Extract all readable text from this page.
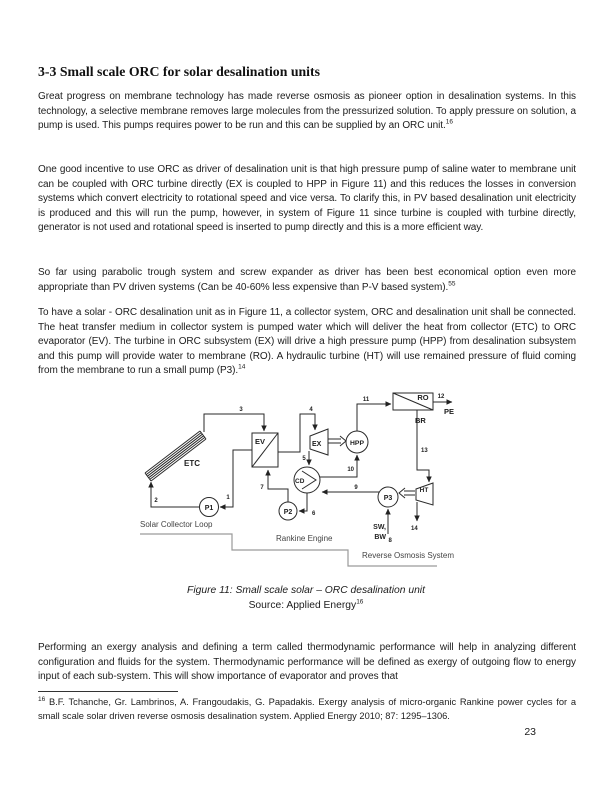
3-3 Small scale ORC for solar desalination units

Great progress on membrane technology has made reverse osmosis as pioneer option in desalination systems. In this technology, a selective membrane removes large molecules from the pressurized solution. To apply pressure on solution, a pump is used. This pumps requires power to be run and this can be supplied by an ORC unit.$^{16}$

One good incentive to use ORC as driver of desalination unit is that high pressure pump of saline water to membrane unit can be coupled with ORC turbine directly (EX is coupled to HPP in Figure 11) and this reduces the losses in conversion systems which convert electricity to rotational speed and vice versa. To clarify this, in PV based desalination unit electricity is produced and this will run the pump, however, in system of Figure 11 since turbine is coupled with turbine directly, generator is not used and rotational speed is inserted to pump directly and this is a more efficient way.

So far using parabolic trough system and screw expander as driver has been best economical option even more appropriate than PV driven systems (Can be 40-60% less expensive than P-V based system).$^{55}$

To have a solar - ORC desalination unit as in Figure 11, a collector system, ORC and desalination unit shall be connected. The heat transfer medium in collector system is pumped water which will deliver the heat from collector (ETC) to ORC evaporator (EV). The turbine in ORC subsystem (EX) will drive a high pressure pump (HPP) from desalination subsystem and this pump will provide water to membrane (RO). A hydraulic turbine (HT) will use remained pressure of fluid coming from the membrane to run a small pump (P3).$^{14}$

ETC
3
1
2
P1
EV
4
EX
5
CD
6
P2
7
HPP
10
11	RO 12
PE
BR
13
HT
14
P3
9
SW,
BW 8
Solar Collector Loop
Rankine Engine
Reverse Osmosis System
Figure 11: Small scale solar – ORC desalination unit
Source: Applied Energy$^{16}$

Performing an exergy analysis and defining a term called thermodynamic performance will help in analyzing different configuration and fluids for the system. Thermodynamic performance will be defined as exergy of outgoing flow to energy input of each sub-system. This will show importance of evaporator and proves that

$^{16}$ B.F. Tchanche, Gr. Lambrinos, A. Frangoudakis, G. Papadakis. Exergy analysis of micro-organic Rankine power cycles for a small scale solar driven reverse osmosis desalination system. Applied Energy 2010; 87: 1295–1306.
23
